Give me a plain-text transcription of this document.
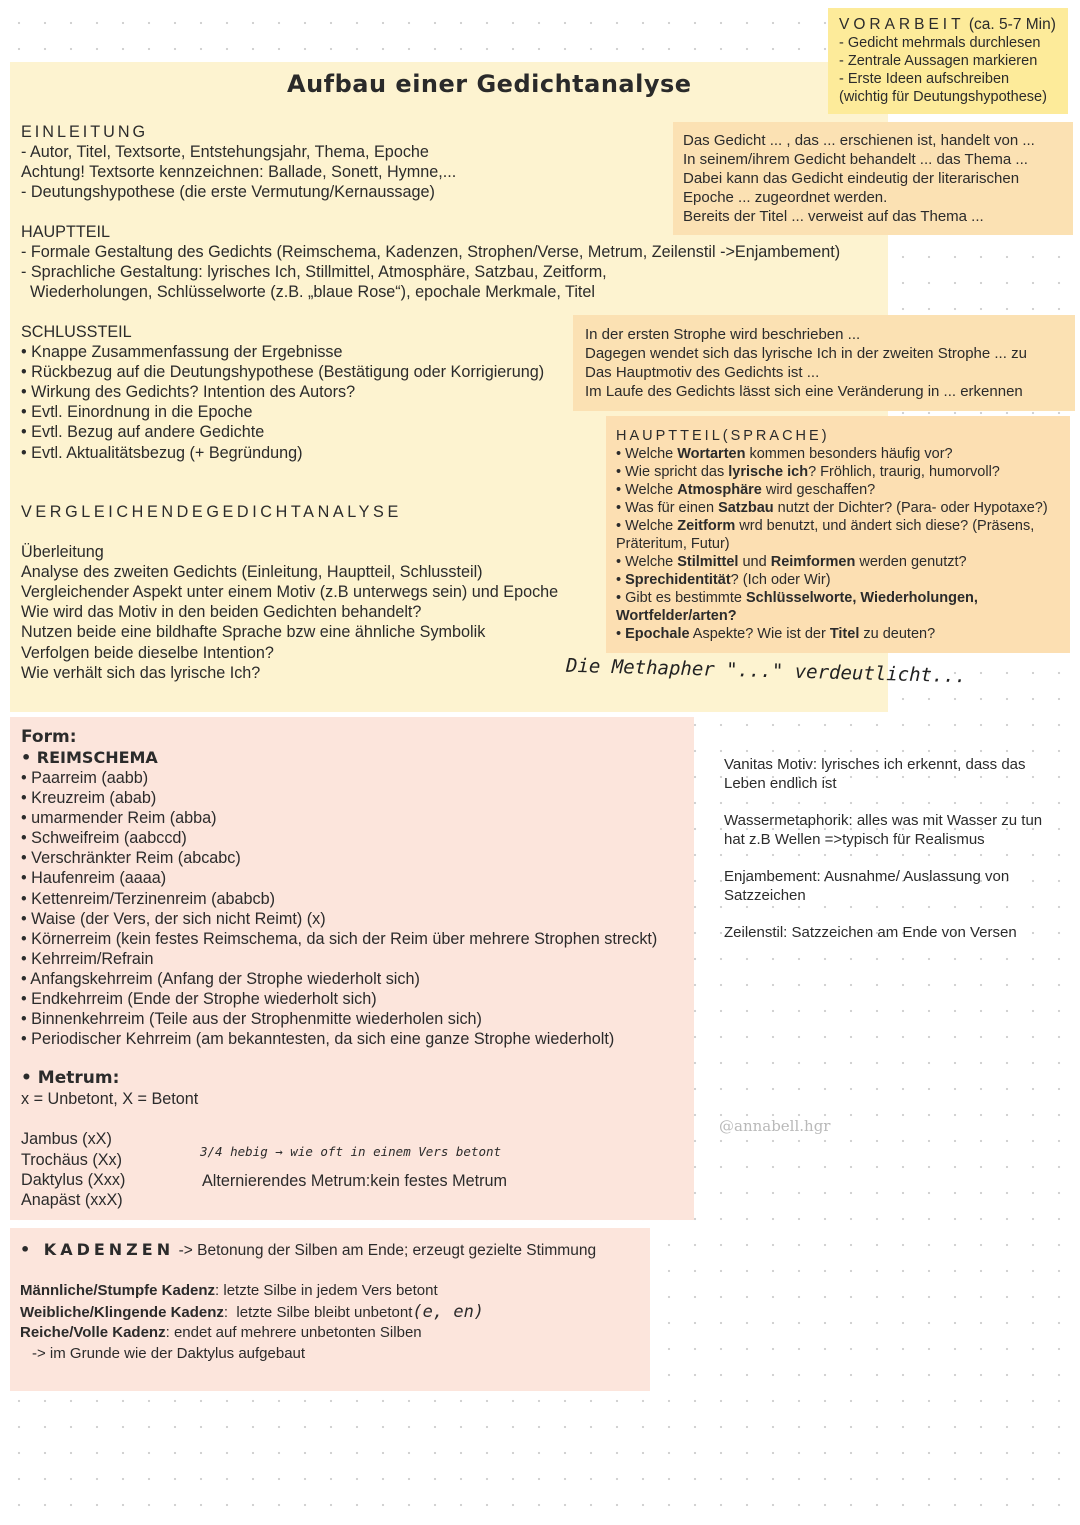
Aufbau einer Gedichtanalyse
VORARBEIT (ca. 5-7 Min)
- Gedicht mehrmals durchlesen
- Zentrale Aussagen markieren
- Erste Ideen aufschreiben
(wichtig für Deutungshypothese)
EINLEITUNG
- Autor, Titel, Textsorte, Entstehungsjahr, Thema, Epoche
Achtung! Textsorte kennzeichnen: Ballade, Sonett, Hymne,...
- Deutungshypothese (die erste Vermutung/Kernaussage)
Das Gedicht ... , das ... erschienen ist, handelt von ...
In seinem/ihrem Gedicht behandelt ... das Thema ...
Dabei kann das Gedicht eindeutig der literarischen
Epoche ... zugeordnet werden.
Bereits der Titel ... verweist auf das Thema ...
HAUPTTEIL
- Formale Gestaltung des Gedichts (Reimschema, Kadenzen, Strophen/Verse, Metrum, Zeilenstil ->Enjambement)
- Sprachliche Gestaltung: lyrisches Ich, Stillmittel, Atmosphäre, Satzbau, Zeitform,
Wiederholungen, Schlüsselworte (z.B. „blaue Rose“), epochale Merkmale, Titel
SCHLUSSTEIL
• Knappe Zusammenfassung der Ergebnisse
• Rückbezug auf die Deutungshypothese (Bestätigung oder Korrigierung)
• Wirkung des Gedichts? Intention des Autors?
• Evtl. Einordnung in die Epoche
• Evtl. Bezug auf andere Gedichte
• Evtl. Aktualitätsbezug (+ Begründung)
In der ersten Strophe wird beschrieben ...
Dagegen wendet sich das lyrische Ich in der zweiten Strophe ... zu
Das Hauptmotiv des Gedichts ist ...
Im Laufe des Gedichts lässt sich eine Veränderung in ... erkennen
HAUPTTEIL(SPRACHE)
• Welche Wortarten kommen besonders häufig vor?
• Wie spricht das lyrische ich? Fröhlich, traurig, humorvoll?
• Welche Atmosphäre wird geschaffen?
• Was für einen Satzbau nutzt der Dichter? (Para- oder Hypotaxe?)
• Welche Zeitform wrd benutzt, und ändert sich diese? (Präsens,
Präteritum, Futur)
• Welche Stilmittel und Reimformen werden genutzt?
• Sprechidentität? (Ich oder Wir)
• Gibt es bestimmte Schlüsselworte, Wiederholungen,
Wortfelder/arten?
• Epochale Aspekte? Wie ist der Titel zu deuten?
VERGLEICHENDEGEDICHTANALYSE
Überleitung
Analyse des zweiten Gedichts (Einleitung, Hauptteil, Schlussteil)
Vergleichender Aspekt unter einem Motiv (z.B unterwegs sein) und Epoche
Wie wird das Motiv in den beiden Gedichten behandelt?
Nutzen beide eine bildhafte Sprache bzw eine ähnliche Symbolik
Verfolgen beide dieselbe Intention?
Wie verhält sich das lyrische Ich?	Die Methapher "..." verdeutlicht...
Form:
• REIMSCHEMA
• Paarreim (aabb)
• Kreuzreim (abab)
• umarmender Reim (abba)
• Schweifreim (aabccd)
• Verschränkter Reim (abcabc)
• Haufenreim (aaaa)
• Kettenreim/Terzinenreim (ababcb)
• Waise (der Vers, der sich nicht Reimt) (x)
• Körnerreim (kein festes Reimschema, da sich der Reim über mehrere Strophen streckt)
• Kehrreim/Refrain
• Anfangskehrreim (Anfang der Strophe wiederholt sich)
• Endkehrreim (Ende der Strophe wiederholt sich)
• Binnenkehrreim (Teile aus der Strophenmitte wiederholen sich)
• Periodischer Kehrreim (am bekanntesten, da sich eine ganze Strophe wiederholt)
• Metrum:
x = Unbetont, X = Betont
Jambus (xX)
Trochäus (Xx)
Daktylus (Xxx)
Anapäst (xxX)
3/4 hebig → wie oft in einem Vers betont
Alternierendes Metrum:kein festes Metrum
• KADENZEN -> Betonung der Silben am Ende; erzeugt gezielte Stimmung
Männliche/Stumpfe Kadenz: letzte Silbe in jedem Vers betont
Weibliche/Klingende Kadenz:  letzte Silbe bleibt unbetont(e, en)
Reiche/Volle Kadenz: endet auf mehrere unbetonten Silben
-> im Grunde wie der Daktylus aufgebaut
Vanitas Motiv: lyrisches ich erkennt, dass das
Leben endlich ist
Wassermetaphorik: alles was mit Wasser zu tun
hat z.B Wellen =>typisch für Realismus
Enjambement: Ausnahme/ Auslassung von
Satzzeichen
Zeilenstil: Satzzeichen am Ende von Versen
@annabell.hgr
